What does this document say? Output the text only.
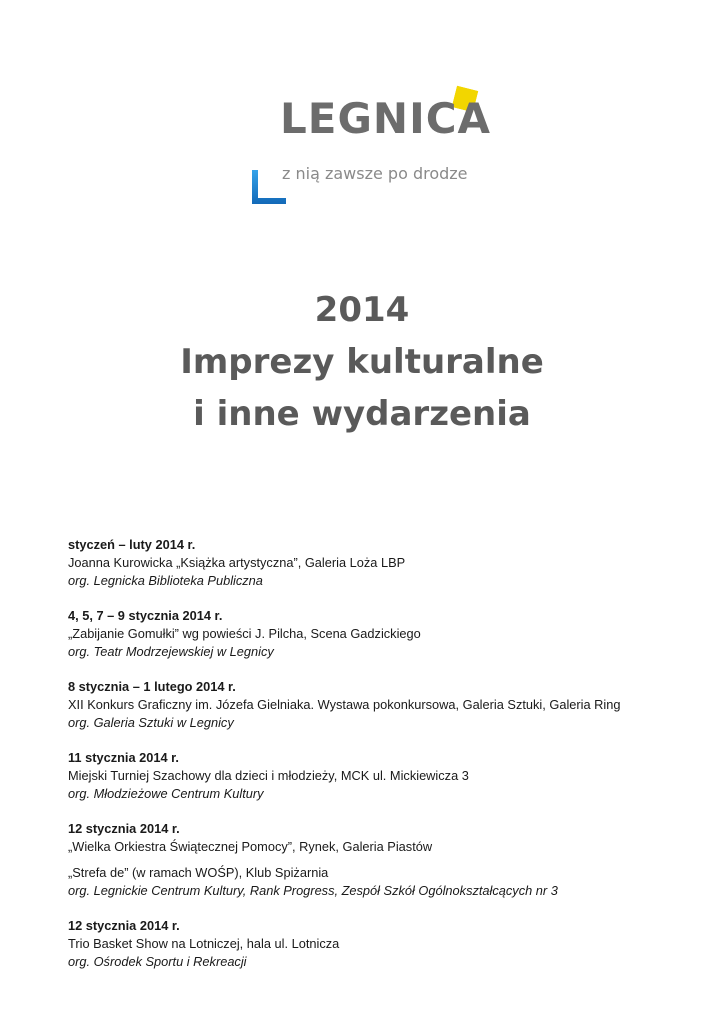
LEGNICA
z nią zawsze po drodze
2014
Imprezy kulturalne
i inne wydarzenia
styczeń – luty 2014 r.
Joanna Kurowicka „Książka artystyczna”, Galeria Loża LBP
org. Legnicka Biblioteka Publiczna
4, 5, 7 – 9 stycznia 2014 r.
„Zabijanie Gomułki” wg powieści J. Pilcha, Scena Gadzickiego
org. Teatr Modrzejewskiej w Legnicy
8 stycznia – 1 lutego 2014 r.
XII Konkurs Graficzny im. Józefa Gielniaka. Wystawa pokonkursowa, Galeria Sztuki, Galeria Ring
org. Galeria Sztuki w Legnicy
11 stycznia 2014 r.
Miejski Turniej Szachowy dla dzieci i młodzieży, MCK ul. Mickiewicza 3
org. Młodzieżowe Centrum Kultury
12 stycznia 2014 r.
„Wielka Orkiestra Świątecznej Pomocy”, Rynek, Galeria Piastów
„Strefa de” (w ramach WOŚP), Klub Spiżarnia
org. Legnickie Centrum Kultury, Rank Progress, Zespół Szkół Ogólnokształcących nr 3
12 stycznia 2014 r.
Trio Basket Show na Lotniczej, hala ul. Lotnicza
org. Ośrodek Sportu i Rekreacji
